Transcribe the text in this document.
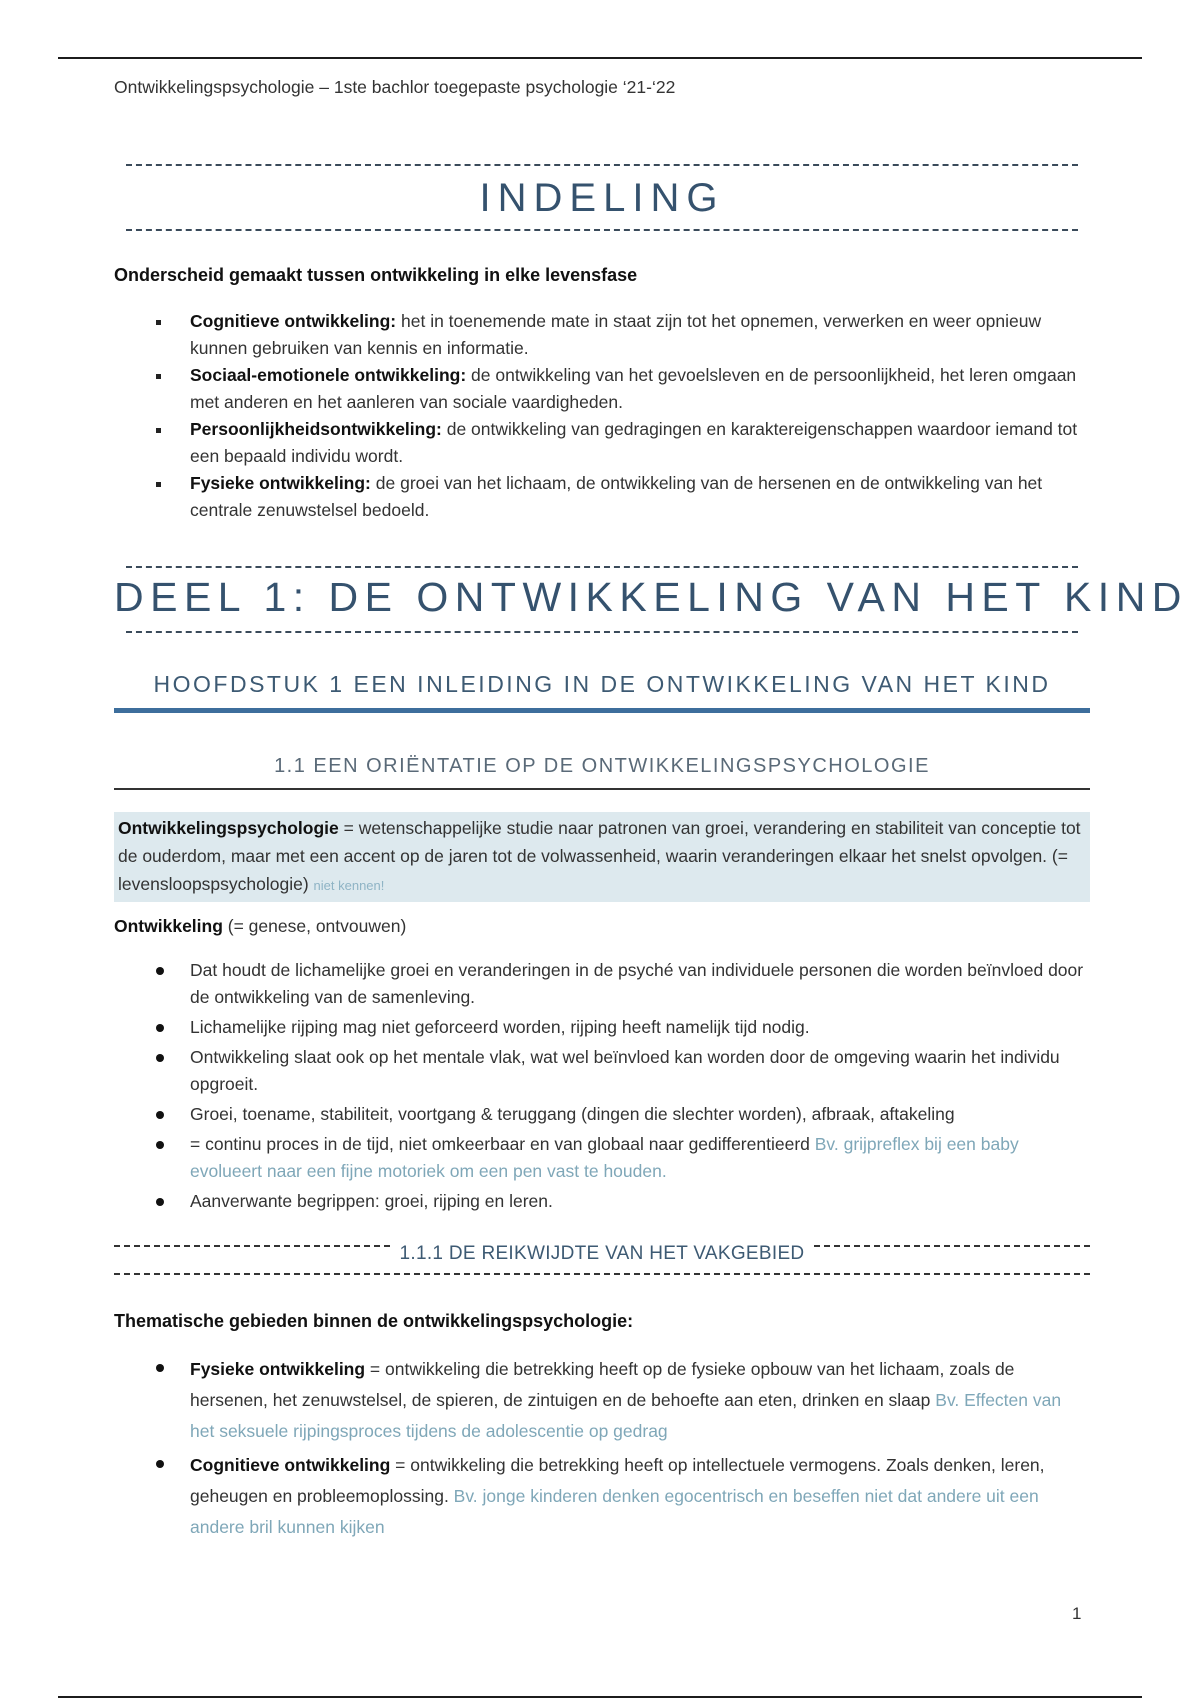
Ontwikkelingspsychologie – 1ste bachlor toegepaste psychologie ‘21-‘22

INDELING

Onderscheid gemaakt tussen ontwikkeling in elke levensfase

Cognitieve ontwikkeling: het in toenemende mate in staat zijn tot het opnemen, verwerken en weer opnieuw kunnen gebruiken van kennis en informatie.
Sociaal-emotionele ontwikkeling: de ontwikkeling van het gevoelsleven en de persoonlijkheid, het leren omgaan met anderen en het aanleren van sociale vaardigheden.
Persoonlijkheidsontwikkeling: de ontwikkeling van gedragingen en karaktereigenschappen waardoor iemand tot een bepaald individu wordt.
Fysieke ontwikkeling: de groei van het lichaam, de ontwikkeling van de hersenen en de ontwikkeling van het centrale zenuwstelsel bedoeld.
DEEL 1: DE ONTWIKKELING VAN HET KIND
HOOFDSTUK 1 EEN INLEIDING IN DE ONTWIKKELING VAN HET KIND
1.1 EEN ORIËNTATIE OP DE ONTWIKKELINGSPSYCHOLOGIE
Ontwikkelingspsychologie = wetenschappelijke studie naar patronen van groei, verandering en stabiliteit van conceptie tot de ouderdom, maar met een accent op de jaren tot de volwassenheid, waarin veranderingen elkaar het snelst opvolgen. (= levensloopspsychologie) niet kennen!

Ontwikkeling (= genese, ontvouwen)

Dat houdt de lichamelijke groei en veranderingen in de psyché van individuele personen die worden beïnvloed door de ontwikkeling van de samenleving.
Lichamelijke rijping mag niet geforceerd worden, rijping heeft namelijk tijd nodig.
Ontwikkeling slaat ook op het mentale vlak, wat wel beïnvloed kan worden door de omgeving waarin het individu opgroeit.
Groei, toename, stabiliteit, voortgang & teruggang (dingen die slechter worden), afbraak, aftakeling
= continu proces in de tijd, niet omkeerbaar en van globaal naar gedifferentieerd Bv. grijpreflex bij een baby evolueert naar een fijne motoriek om een pen vast te houden.
Aanverwante begrippen: groei, rijping en leren.
1.1.1 DE REIKWIJDTE VAN HET VAKGEBIED

Thematische gebieden binnen de ontwikkelingspsychologie:

Fysieke ontwikkeling = ontwikkeling die betrekking heeft op de fysieke opbouw van het lichaam, zoals de hersenen, het zenuwstelsel, de spieren, de zintuigen en de behoefte aan eten, drinken en slaap Bv. Effecten van het seksuele rijpingsproces tijdens de adolescentie op gedrag
Cognitieve ontwikkeling = ontwikkeling die betrekking heeft op intellectuele vermogens. Zoals denken, leren, geheugen en probleemoplossing. Bv. jonge kinderen denken egocentrisch en beseffen niet dat andere uit een andere bril kunnen kijken
1
